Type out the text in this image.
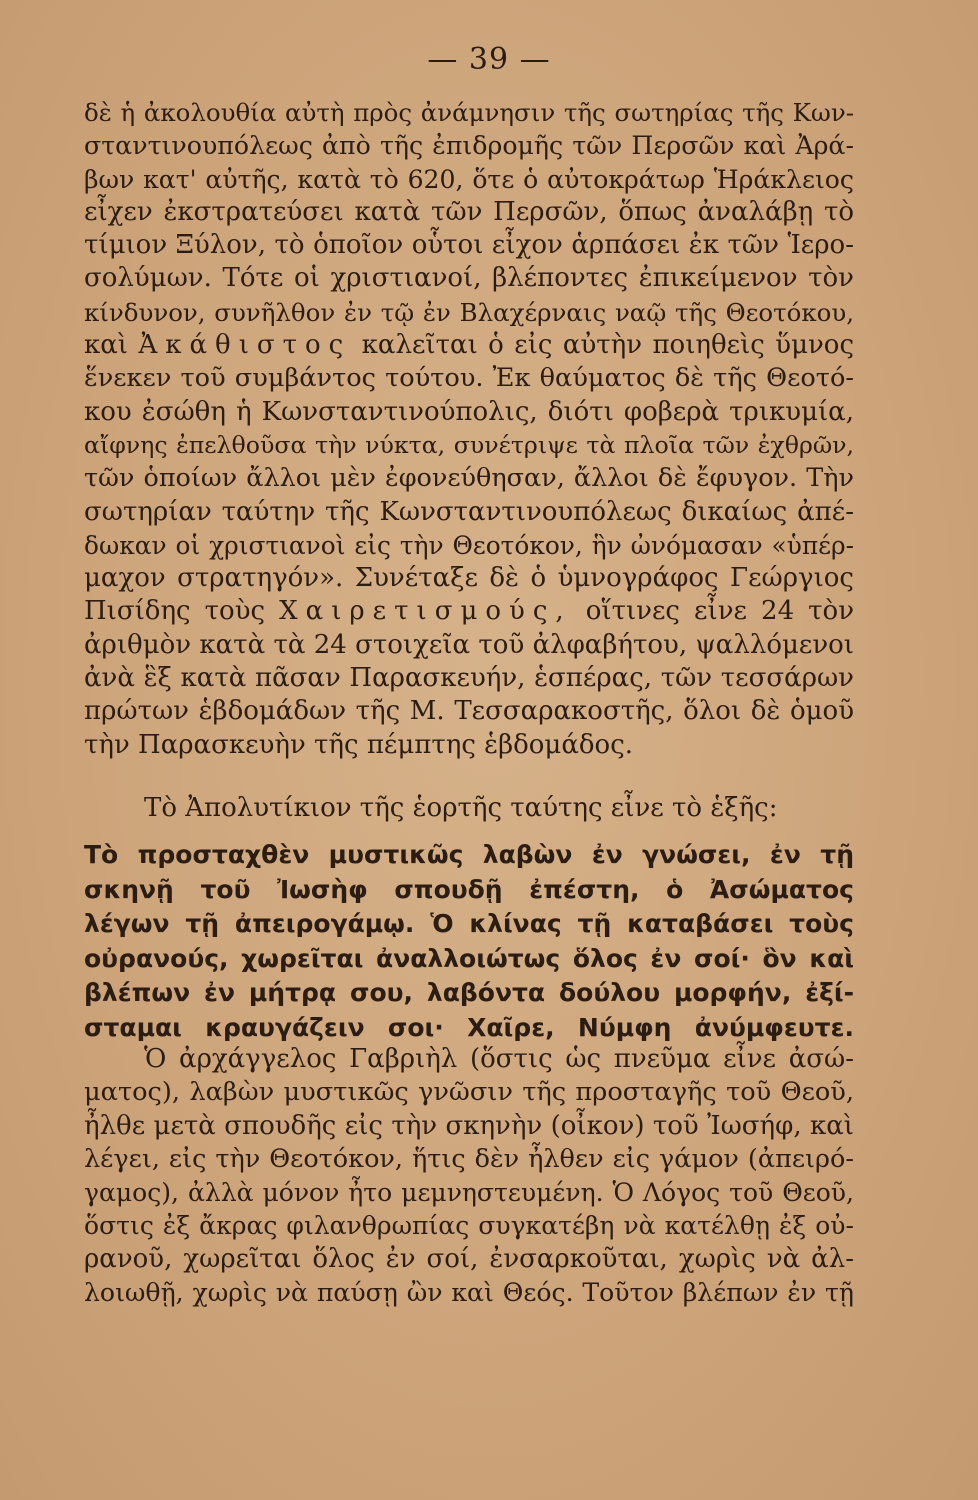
— 39 —
δὲ ἡ ἀκολουθία αὐτὴ πρὸς ἀνάμνησιν τῆς σωτηρίας τῆς Κων-
σταντινουπόλεως ἀπὸ τῆς ἐπιδρομῆς τῶν Περσῶν καὶ Ἀρά-
βων κατ' αὐτῆς, κατὰ τὸ 620, ὅτε ὁ αὐτοκράτωρ Ἡράκλειος
εἶχεν ἐκστρατεύσει κατὰ τῶν Περσῶν, ὅπως ἀναλάβῃ τὸ
τίμιον Ξύλον, τὸ ὁποῖον οὗτοι εἶχον ἁρπάσει ἐκ τῶν Ἱερο-
σολύμων. Τότε οἱ χριστιανοί, βλέποντες ἐπικείμενον τὸν
κίνδυνον, συνῆλθον ἐν τῷ ἐν Βλαχέρναις ναῷ τῆς Θεοτόκου,
καὶ Ἀκάθιστος καλεῖται ὁ εἰς αὐτὴν ποιηθεὶς ὕμνος
ἕνεκεν τοῦ συμβάντος τούτου. Ἐκ θαύματος δὲ τῆς Θεοτό-
κου ἐσώθη ἡ Κωνσταντινούπολις, διότι φοβερὰ τρικυμία,
αἴφνης ἐπελθοῦσα τὴν νύκτα, συνέτριψε τὰ πλοῖα τῶν ἐχθρῶν,
τῶν ὁποίων ἄλλοι μὲν ἐφονεύθησαν, ἄλλοι δὲ ἔφυγον. Τὴν
σωτηρίαν ταύτην τῆς Κωνσταντινουπόλεως δικαίως ἀπέ-
δωκαν οἱ χριστιανοὶ εἰς τὴν Θεοτόκον, ἣν ὠνόμασαν «ὑπέρ-
μαχον στρατηγόν». Συνέταξε δὲ ὁ ὑμνογράφος Γεώργιος
Πισίδης τοὺς Χαιρετισμούς, οἵτινες εἶνε 24 τὸν
ἀριθμὸν κατὰ τὰ 24 στοιχεῖα τοῦ ἀλφαβήτου, ψαλλόμενοι
ἀνὰ ἓξ κατὰ πᾶσαν Παρασκευήν, ἑσπέρας, τῶν τεσσάρων
πρώτων ἑβδομάδων τῆς Μ. Τεσσαρακοστῆς, ὅλοι δὲ ὁμοῦ
τὴν Παρασκευὴν τῆς πέμπτης ἑβδομάδος.
Τὸ Ἀπολυτίκιον τῆς ἑορτῆς ταύτης εἶνε τὸ ἑξῆς:
Τὸ προσταχθὲν μυστικῶς λαβὼν ἐν γνώσει, ἐν τῇ
σκηνῇ τοῦ Ἰωσὴφ σπουδῇ ἐπέστη, ὁ Ἀσώματος
λέγων τῇ ἀπειρογάμῳ. Ὁ κλίνας τῇ καταβάσει τοὺς
οὐρανούς, χωρεῖται ἀναλλοιώτως ὅλος ἐν σοί· ὃν καὶ
βλέπων ἐν μήτρᾳ σου, λαβόντα δούλου μορφήν, ἐξί-
σταμαι κραυγάζειν σοι· Χαῖρε, Νύμφη ἀνύμφευτε.
Ὁ ἀρχάγγελος Γαβριὴλ (ὅστις ὡς πνεῦμα εἶνε ἀσώ-
ματος), λαβὼν μυστικῶς γνῶσιν τῆς προσταγῆς τοῦ Θεοῦ,
ἦλθε μετὰ σπουδῆς εἰς τὴν σκηνὴν (οἶκον) τοῦ Ἰωσήφ, καὶ
λέγει, εἰς τὴν Θεοτόκον, ἥτις δὲν ἦλθεν εἰς γάμον (ἀπειρό-
γαμος), ἀλλὰ μόνον ἦτο μεμνηστευμένη. Ὁ Λόγος τοῦ Θεοῦ,
ὅστις ἐξ ἄκρας φιλανθρωπίας συγκατέβη νὰ κατέλθῃ ἐξ οὐ-
ρανοῦ, χωρεῖται ὅλος ἐν σοί, ἐνσαρκοῦται, χωρὶς νὰ ἀλ-
λοιωθῇ, χωρὶς νὰ παύσῃ ὢν καὶ Θεός. Τοῦτον βλέπων ἐν τῇ
